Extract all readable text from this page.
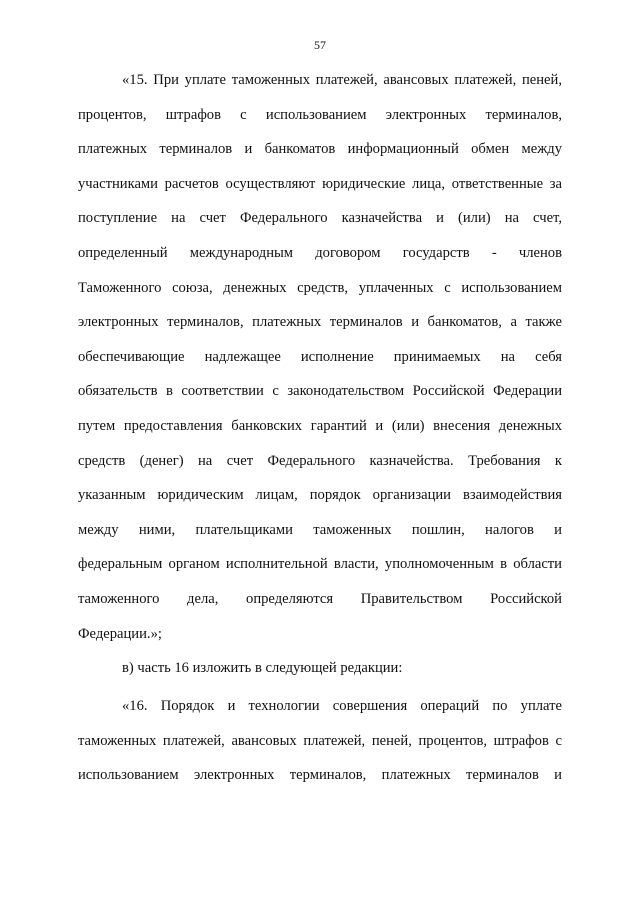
57
«15. При уплате таможенных платежей, авансовых платежей, пеней,
процентов, штрафов с использованием электронных терминалов,
платежных терминалов и банкоматов информационный обмен между
участниками расчетов осуществляют юридические лица, ответственные за
поступление на счет Федерального казначейства и (или) на счет,
определенный международным договором государств - членов
Таможенного союза, денежных средств, уплаченных с использованием
электронных терминалов, платежных терминалов и банкоматов, а также
обеспечивающие надлежащее исполнение принимаемых на себя
обязательств в соответствии с законодательством Российской Федерации
путем предоставления банковских гарантий и (или) внесения денежных
средств (денег) на счет Федерального казначейства. Требования к
указанным юридическим лицам, порядок организации взаимодействия
между ними, плательщиками таможенных пошлин, налогов и
федеральным органом исполнительной власти, уполномоченным в области
таможенного дела, определяются Правительством Российской
Федерации.»;
в) часть 16 изложить в следующей редакции:
«16. Порядок и технологии совершения операций по уплате
таможенных платежей, авансовых платежей, пеней, процентов, штрафов с
использованием электронных терминалов, платежных терминалов и
